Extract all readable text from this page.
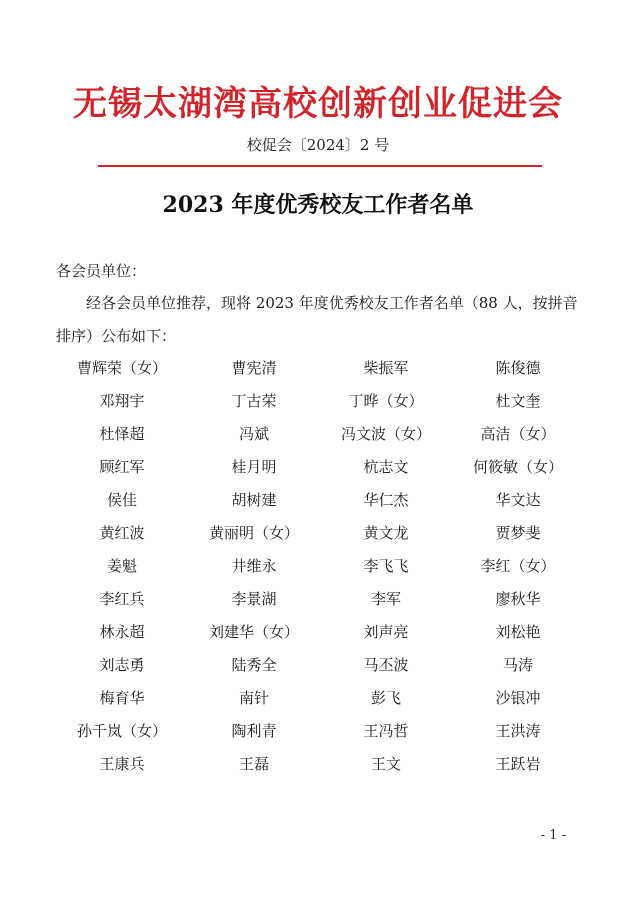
无锡太湖湾高校创新创业促进会
校促会〔2024〕2 号
2023 年度优秀校友工作者名单
各会员单位：
经各会员单位推荐，现将 2023 年度优秀校友工作者名单（88 人，按拼音排序）公布如下：
曹辉荣（女）	曹宪清	柴振军	陈俊德
邓翔宇	丁古荣	丁晔（女）	杜文奎
杜怿超	冯斌	冯文波（女）	高洁（女）
顾红军	桂月明	杭志文	何筱敏（女）
侯佳	胡树建	华仁杰	华文达
黄红波	黄丽明（女）	黄文龙	贾梦斐
姜魁	井维永	李飞飞	李红（女）
李红兵	李景湖	李军	廖秋华
林永超	刘建华（女）	刘声亮	刘松艳
刘志勇	陆秀全	马丕波	马涛
梅育华	南针	彭飞	沙银冲
孙千岚（女）	陶利青	王冯哲	王洪涛
王康兵	王磊	王文	王跃岩
- 1 -
